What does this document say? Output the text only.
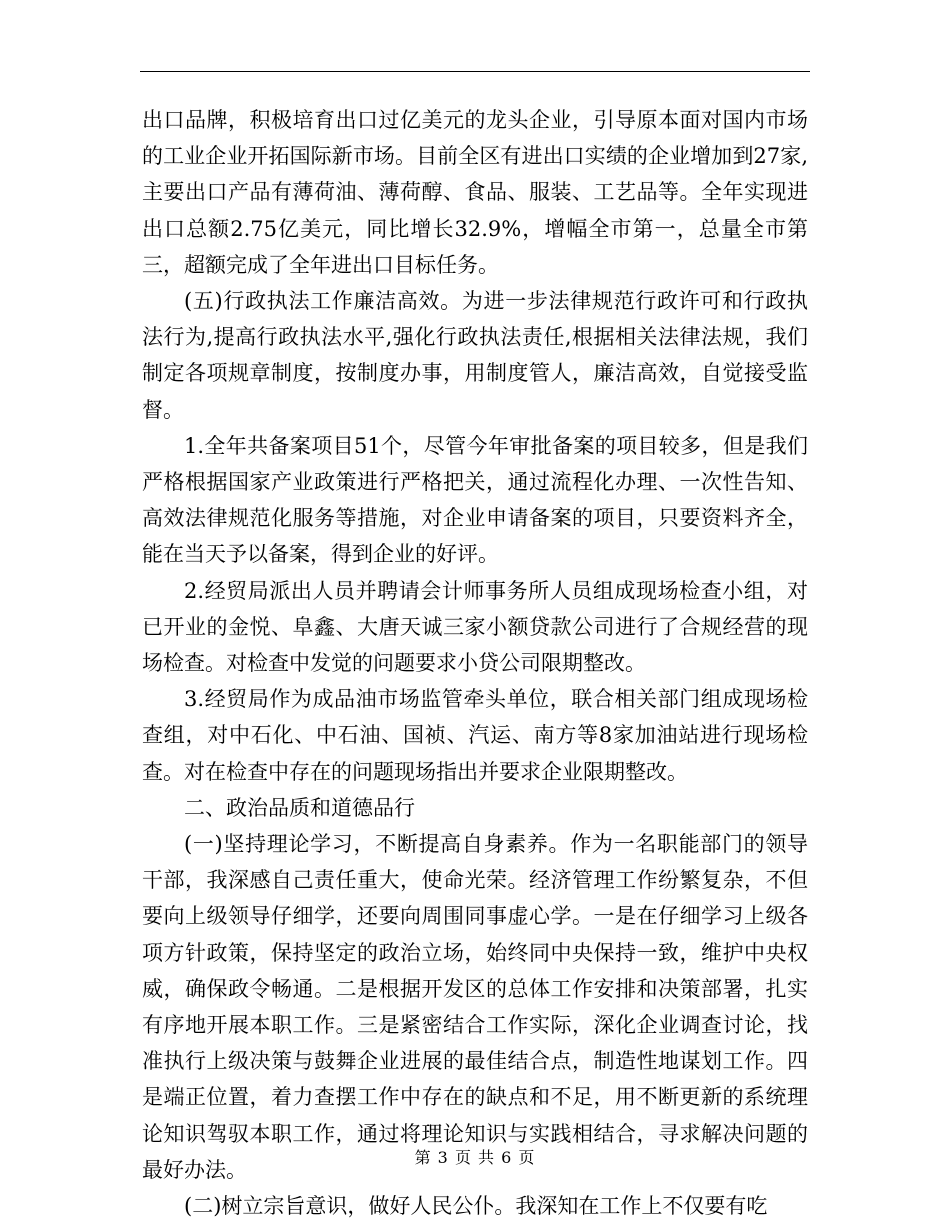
出口品牌，积极培育出口过亿美元的龙头企业，引导原本面对国内市场的工业企业开拓国际新市场。目前全区有进出口实绩的企业增加到27家,主要出口产品有薄荷油、薄荷醇、食品、服装、工艺品等。全年实现进出口总额2.75亿美元，同比增长32.9%，增幅全市第一，总量全市第三，超额完成了全年进出口目标任务。

(五)行政执法工作廉洁高效。为进一步法律规范行政许可和行政执法行为,提高行政执法水平,强化行政执法责任,根据相关法律法规，我们制定各项规章制度，按制度办事，用制度管人，廉洁高效，自觉接受监督。

1.全年共备案项目51个，尽管今年审批备案的项目较多，但是我们严格根据国家产业政策进行严格把关，通过流程化办理、一次性告知、高效法律规范化服务等措施，对企业申请备案的项目，只要资料齐全，能在当天予以备案，得到企业的好评。

2.经贸局派出人员并聘请会计师事务所人员组成现场检查小组，对已开业的金悦、阜鑫、大唐天诚三家小额贷款公司进行了合规经营的现场检查。对检查中发觉的问题要求小贷公司限期整改。

3.经贸局作为成品油市场监管牵头单位，联合相关部门组成现场检查组，对中石化、中石油、国祯、汽运、南方等8家加油站进行现场检查。对在检查中存在的问题现场指出并要求企业限期整改。

二、政治品质和道德品行

(一)坚持理论学习，不断提高自身素养。作为一名职能部门的领导干部，我深感自己责任重大，使命光荣。经济管理工作纷繁复杂，不但要向上级领导仔细学，还要向周围同事虚心学。一是在仔细学习上级各项方针政策，保持坚定的政治立场，始终同中央保持一致，维护中央权威，确保政令畅通。二是根据开发区的总体工作安排和决策部署，扎实有序地开展本职工作。三是紧密结合工作实际，深化企业调查讨论，找准执行上级决策与鼓舞企业进展的最佳结合点，制造性地谋划工作。四是端正位置，着力查摆工作中存在的缺点和不足，用不断更新的系统理论知识驾驭本职工作，通过将理论知识与实践相结合，寻求解决问题的最好办法。

(二)树立宗旨意识，做好人民公仆。我深知在工作上不仅要有吃

第 3 页 共 6 页
